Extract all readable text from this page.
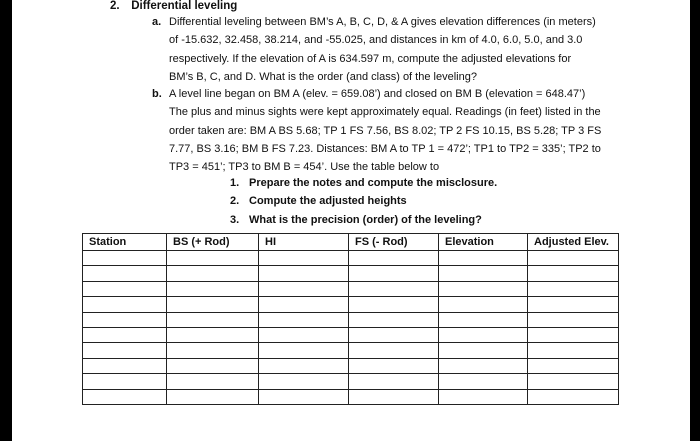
2. Differential leveling
a. Differential leveling between BM’s A, B, C, D, & A gives elevation differences (in meters)
of -15.632, 32.458, 38.214, and -55.025, and distances in km of 4.0, 6.0, 5.0, and 3.0
respectively. If the elevation of A is 634.597 m, compute the adjusted elevations for
BM’s B, C, and D. What is the order (and class) of the leveling?
b. A level line began on BM A (elev. = 659.08’) and closed on BM B (elevation = 648.47’)
The plus and minus sights were kept approximately equal. Readings (in feet) listed in the
order taken are: BM A BS 5.68; TP 1 FS 7.56, BS 8.02; TP 2 FS 10.15, BS 5.28; TP 3 FS
7.77, BS 3.16; BM B FS 7.23. Distances: BM A to TP 1 = 472’; TP1 to TP2 = 335’; TP2 to
TP3 = 451’; TP3 to BM B = 454’. Use the table below to
1. Prepare the notes and compute the misclosure.
2. Compute the adjusted heights
3. What is the precision (order) of the leveling?
Station	BS (+ Rod)	HI	FS (- Rod)	Elevation	Adjusted Elev.
